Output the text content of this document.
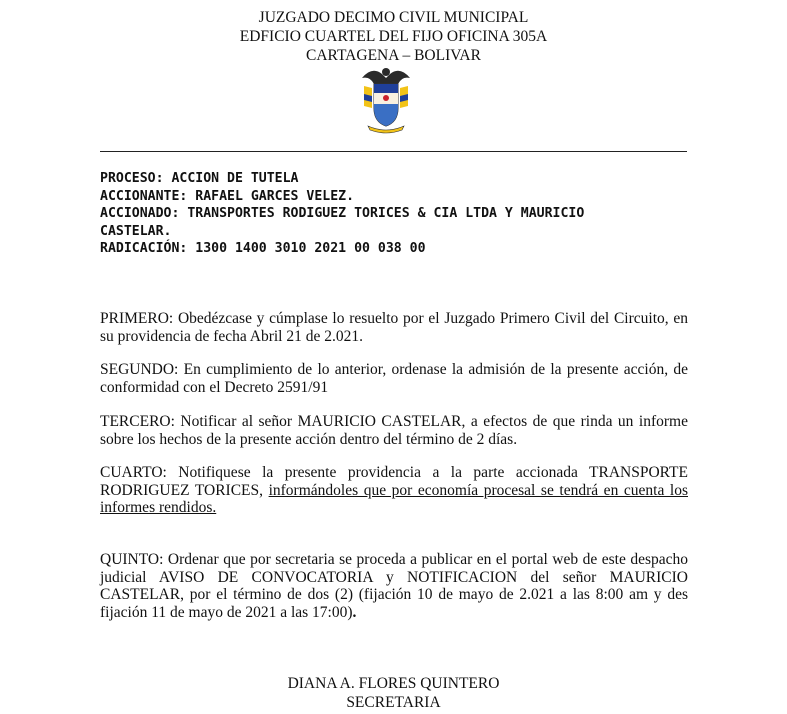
JUZGADO DECIMO CIVIL MUNICIPAL
EDFICIO CUARTEL DEL FIJO OFICINA 305A
CARTAGENA – BOLIVAR
PROCESO: ACCION DE TUTELA
ACCIONANTE: RAFAEL GARCES VELEZ.
ACCIONADO: TRANSPORTES RODIGUEZ TORICES & CIA LTDA Y MAURICIO
CASTELAR.
RADICACIÓN: 1300 1400 3010 2021 00 038 00
PRIMERO: Obedézcase y cúmplase lo resuelto por el Juzgado Primero Civil del Circuito, en su providencia de fecha Abril 21 de 2.021.
SEGUNDO: En cumplimiento de lo anterior, ordenase la admisión de la presente acción, de conformidad con el Decreto 2591/91
TERCERO: Notificar al señor MAURICIO CASTELAR, a efectos de que rinda un informe sobre los hechos de la presente acción dentro del término de 2 días.
CUARTO: Notifiquese la presente providencia a la parte accionada TRANSPORTE RODRIGUEZ TORICES, informándoles que por economía procesal se tendrá en cuenta los informes rendidos.
QUINTO: Ordenar que por secretaria se proceda a publicar en el portal web de este despacho judicial AVISO DE CONVOCATORIA y NOTIFICACION del señor MAURICIO CASTELAR, por el término de dos (2) (fijación 10 de mayo de 2.021 a las 8:00 am y des fijación 11 de mayo de 2021 a las 17:00).
DIANA A. FLORES QUINTERO
SECRETARIA
